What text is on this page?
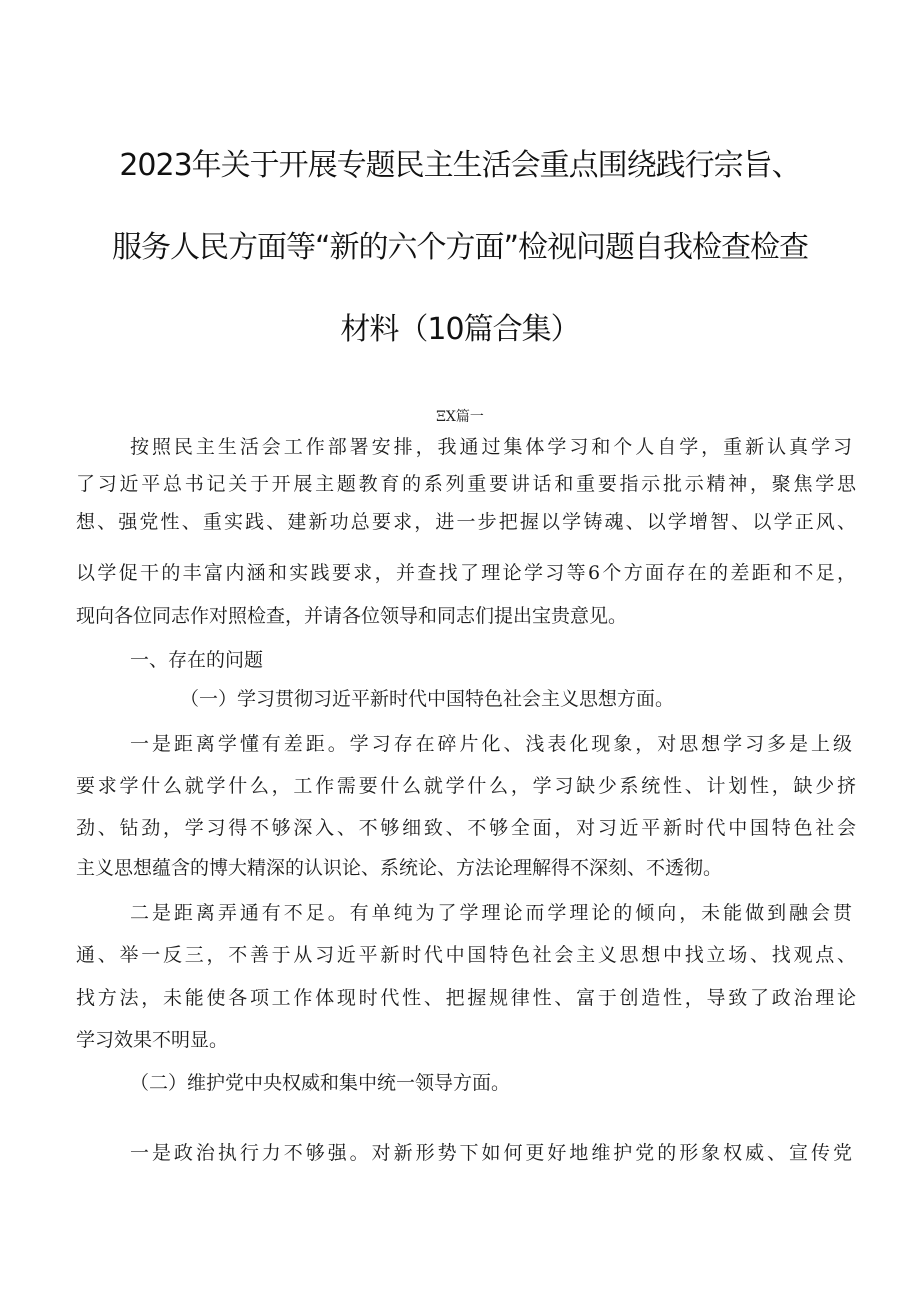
2023年关于开展专题民主生活会重点围绕践行宗旨、
服务人民方面等“新的六个方面”检视问题自我检查检查
材料（10篇合集）
ΞX篇一
按照民主生活会工作部署安排，我通过集体学习和个人自学，重新认真学习
了习近平总书记关于开展主题教育的系列重要讲话和重要指示批示精神，聚焦学思
想、强党性、重实践、建新功总要求，进一步把握以学铸魂、以学增智、以学正风、
以学促干的丰富内涵和实践要求，并查找了理论学习等6个方面存在的差距和不足，
现向各位同志作对照检查，并请各位领导和同志们提出宝贵意见。
一、存在的问题
（一）学习贯彻习近平新时代中国特色社会主义思想方面。
一是距离学懂有差距。学习存在碎片化、浅表化现象，对思想学习多是上级
要求学什么就学什么，工作需要什么就学什么，学习缺少系统性、计划性，缺少挤
劲、钻劲，学习得不够深入、不够细致、不够全面，对习近平新时代中国特色社会
主义思想蕴含的博大精深的认识论、系统论、方法论理解得不深刻、不透彻。
二是距离弄通有不足。有单纯为了学理论而学理论的倾向，未能做到融会贯
通、举一反三，不善于从习近平新时代中国特色社会主义思想中找立场、找观点、
找方法，未能使各项工作体现时代性、把握规律性、富于创造性，导致了政治理论
学习效果不明显。
（二）维护党中央权威和集中统一领导方面。
一是政治执行力不够强。对新形势下如何更好地维护党的形象权威、宣传党
